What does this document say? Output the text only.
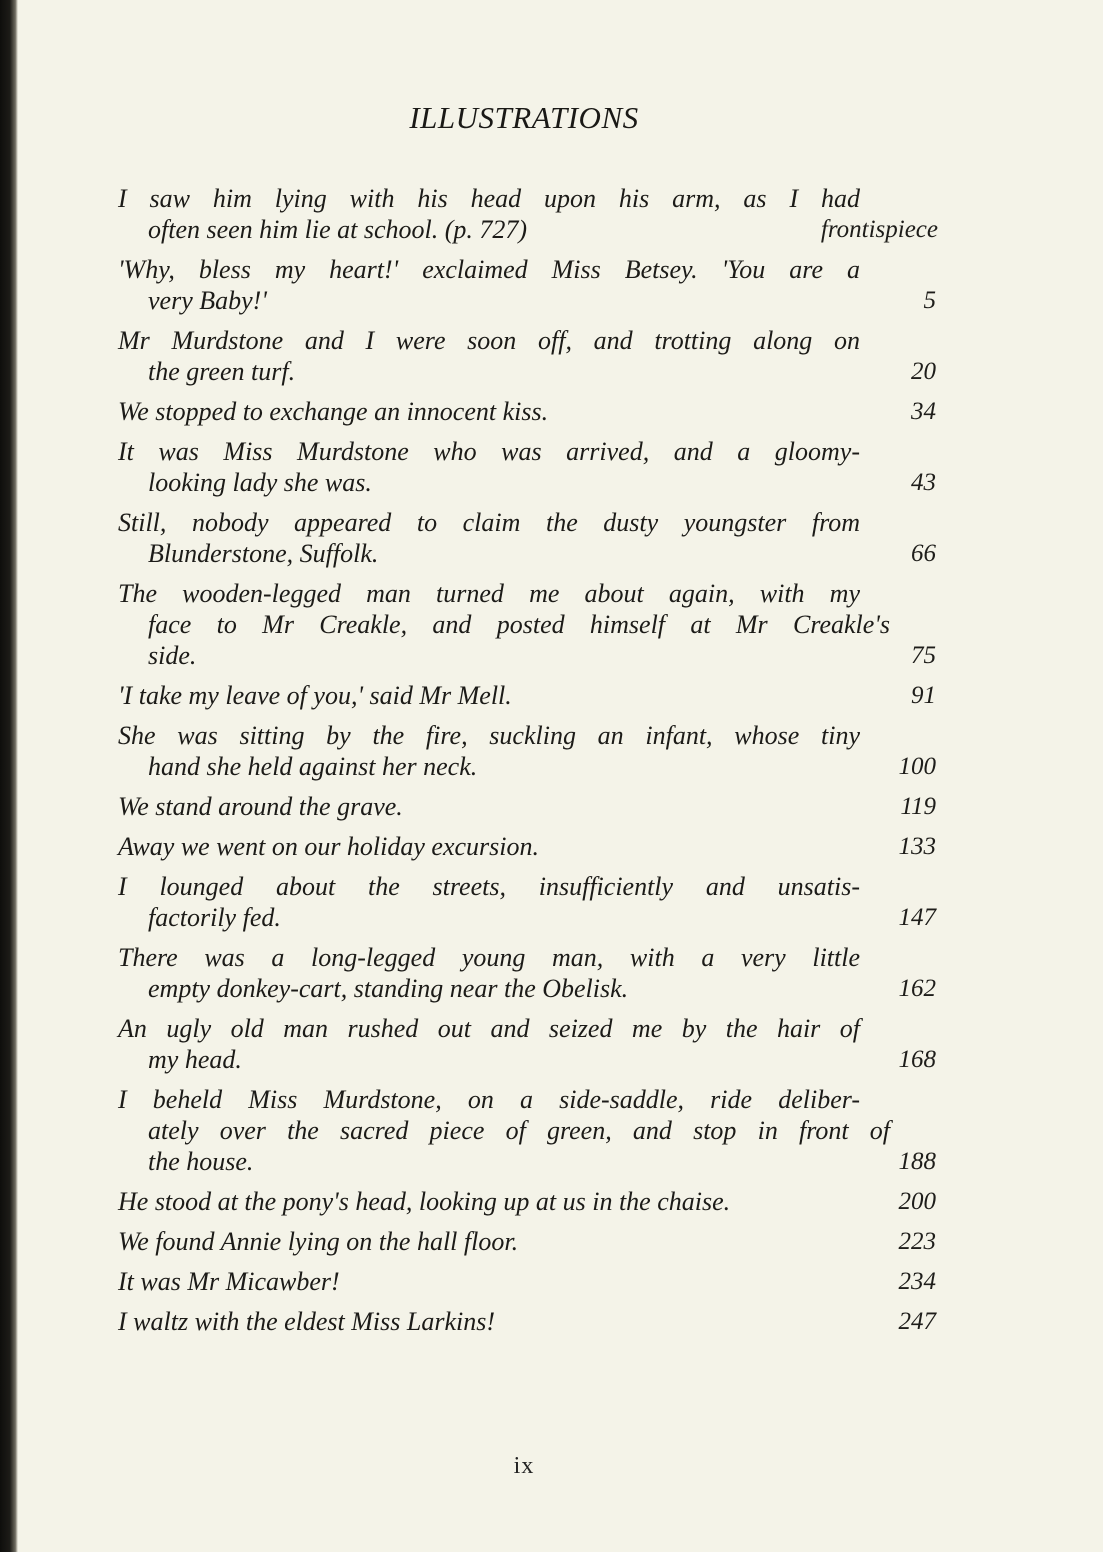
ILLUSTRATIONS
I saw him lying with his head upon his arm, as I had
often seen him lie at school. (p. 727)	frontispiece
'Why, bless my heart!' exclaimed Miss Betsey. 'You are a
very Baby!'	5
Mr Murdstone and I were soon off, and trotting along on
the green turf.	20
We stopped to exchange an innocent kiss.	34
It was Miss Murdstone who was arrived, and a gloomy-
looking lady she was.	43
Still, nobody appeared to claim the dusty youngster from
Blunderstone, Suffolk.	66
The wooden-legged man turned me about again, with my
face to Mr Creakle, and posted himself at Mr Creakle's
side.	75
'I take my leave of you,' said Mr Mell.	91
She was sitting by the fire, suckling an infant, whose tiny
hand she held against her neck.	100
We stand around the grave.	119
Away we went on our holiday excursion.	133
I lounged about the streets, insufficiently and unsatis-
factorily fed.	147
There was a long-legged young man, with a very little
empty donkey-cart, standing near the Obelisk.	162
An ugly old man rushed out and seized me by the hair of
my head.	168
I beheld Miss Murdstone, on a side-saddle, ride deliber-
ately over the sacred piece of green, and stop in front of
the house.	188
He stood at the pony's head, looking up at us in the chaise.	200
We found Annie lying on the hall floor.	223
It was Mr Micawber!	234
I waltz with the eldest Miss Larkins!	247
ix
